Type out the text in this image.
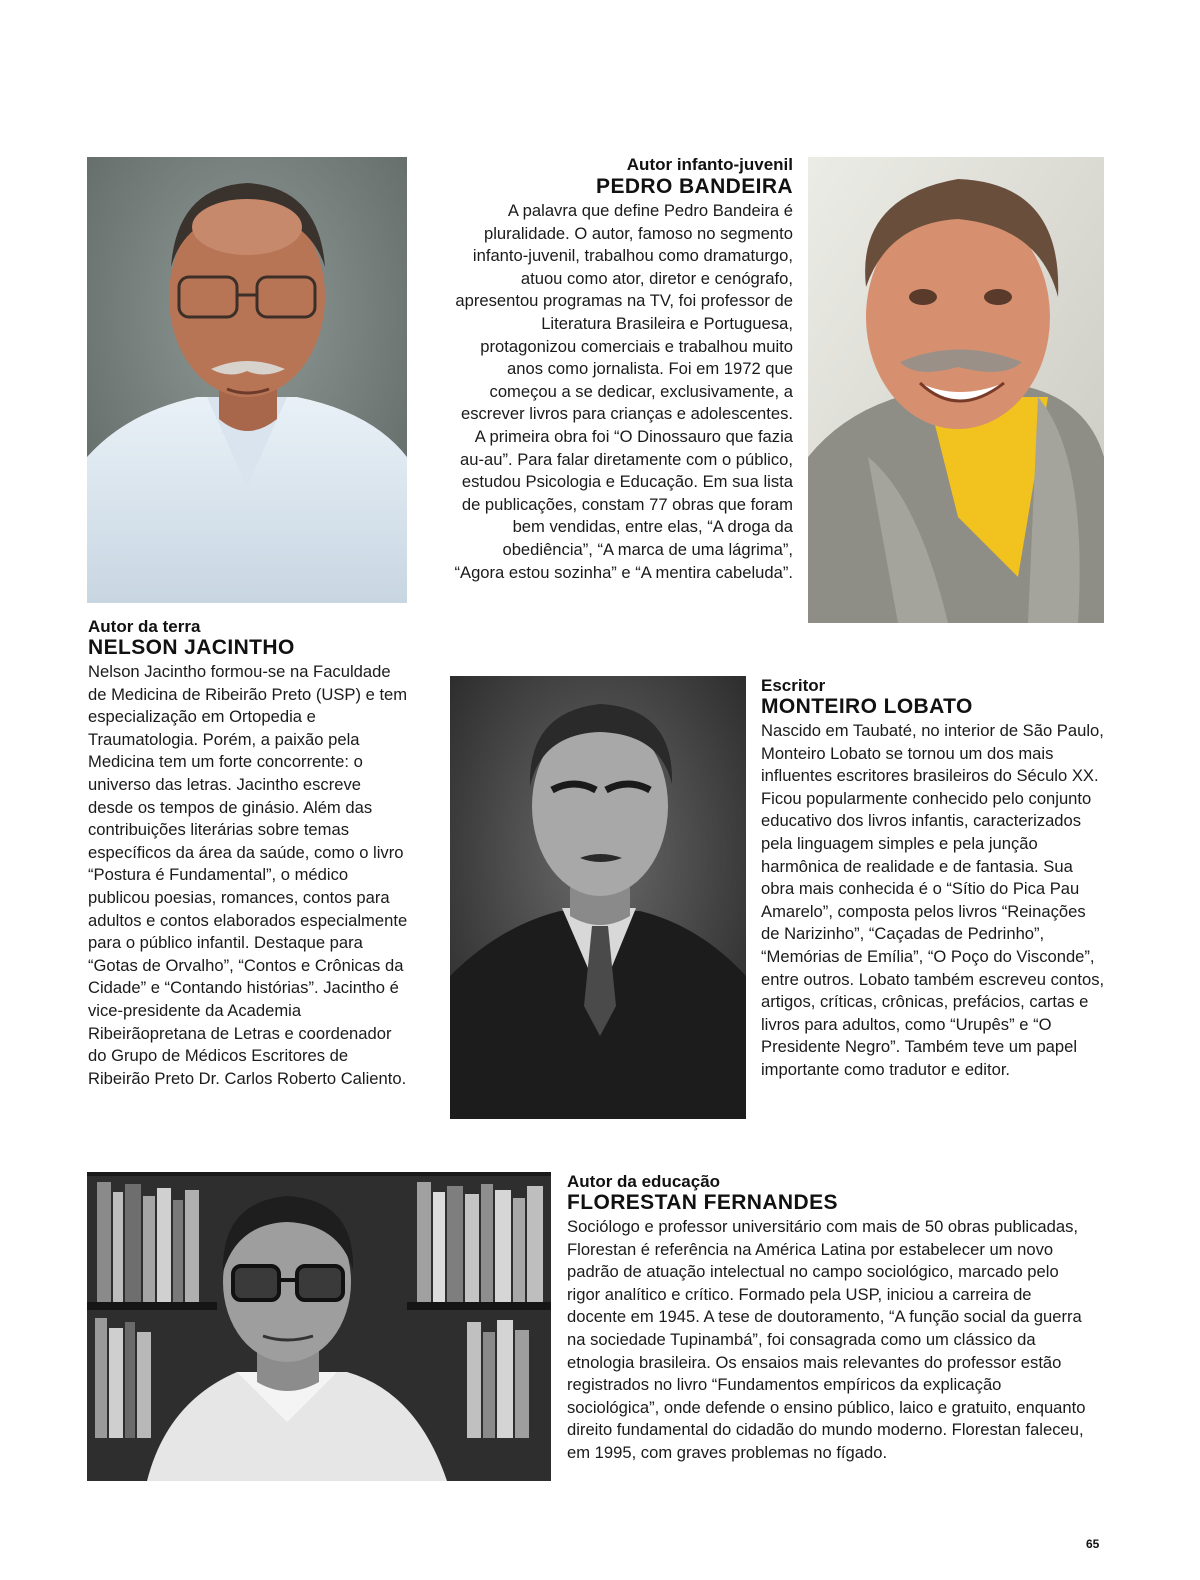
Autor infanto-juvenil

PEDRO BANDEIRA

A palavra que define Pedro Bandeira é pluralidade. O autor, famoso no segmento infanto-juvenil, trabalhou como dramaturgo, atuou como ator, diretor e cenógrafo, apresentou programas na TV, foi professor de Literatura Brasileira e Portuguesa, protagonizou comerciais e trabalhou muito anos como jornalista. Foi em 1972 que começou a se dedicar, exclusivamente, a escrever livros para crianças e adolescentes. A primeira obra foi “O Dinossauro que fazia au-au”. Para falar diretamente com o público, estudou Psicologia e Educação. Em sua lista de publicações, constam 77 obras que foram bem vendidas, entre elas, “A droga da obediência”, “A marca de uma lágrima”, “Agora estou sozinha” e “A mentira cabeluda”.

Autor da terra

NELSON JACINTHO

Nelson Jacintho formou-se na Faculdade de Medicina de Ribeirão Preto (USP) e tem especialização em Ortopedia e Traumatologia. Porém, a paixão pela Medicina tem um forte concorrente: o universo das letras. Jacintho escreve desde os tempos de ginásio. Além das contribuições literárias sobre temas específicos da área da saúde, como o livro “Postura é Fundamental”, o médico publicou poesias, romances, contos para adultos e contos elaborados especialmente para o público infantil. Destaque para “Gotas de Orvalho”, “Contos e Crônicas da Cidade” e “Contando histórias”. Jacintho é vice-presidente da Academia Ribeirãopretana de Letras e coordenador do Grupo de Médicos Escritores de Ribeirão Preto Dr. Carlos Roberto Caliento.

Escritor

MONTEIRO LOBATO

Nascido em Taubaté, no interior de São Paulo, Monteiro Lobato se tornou um dos mais influentes escritores brasileiros do Século XX. Ficou popularmente conhecido pelo conjunto educativo dos livros infantis, caracterizados pela linguagem simples e pela junção harmônica de realidade e de fantasia. Sua obra mais conhecida é o “Sítio do Pica Pau Amarelo”, composta pelos livros “Reinações de Narizinho”, “Caçadas de Pedrinho”, “Memórias de Emília”, “O Poço do Visconde”, entre outros. Lobato também escreveu contos, artigos, críticas, crônicas, prefácios, cartas e livros para adultos, como “Urupês” e “O Presidente Negro”. Também teve um papel importante como tradutor e editor.

Autor da educação

FLORESTAN FERNANDES

Sociólogo e professor universitário com mais de 50 obras publicadas, Florestan é referência na América Latina por estabelecer um novo padrão de atuação intelectual no campo sociológico, marcado pelo rigor analítico e crítico. Formado pela USP, iniciou a carreira de docente em 1945. A tese de doutoramento, “A função social da guerra na sociedade Tupinambá”, foi consagrada como um clássico da etnologia brasileira. Os ensaios mais relevantes do professor estão registrados no livro “Fundamentos empíricos da explicação sociológica”, onde defende o ensino público, laico e gratuito, enquanto direito fundamental do cidadão do mundo moderno. Florestan faleceu, em 1995, com graves problemas no fígado.

65
